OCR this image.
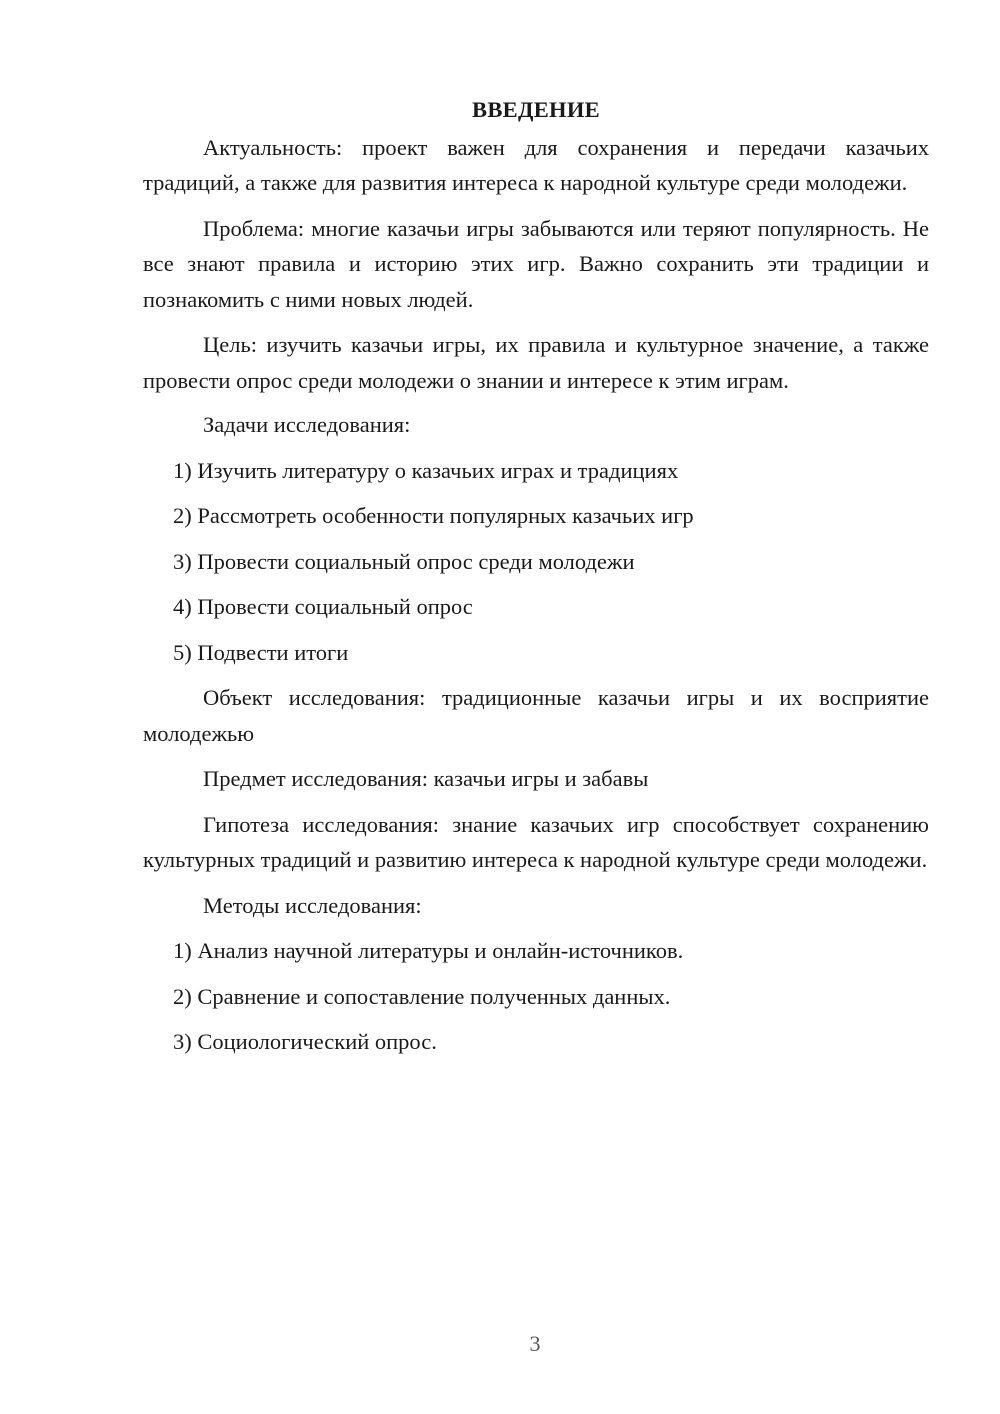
ВВЕДЕНИЕ

Актуальность: проект важен для сохранения и передачи казачьих традиций, а также для развития интереса к народной культуре среди молодежи.

Проблема: многие казачьи игры забываются или теряют популярность. Не все знают правила и историю этих игр. Важно сохранить эти традиции и познакомить с ними новых людей.

Цель: изучить казачьи игры, их правила и культурное значение, а также провести опрос среди молодежи о знании и интересе к этим играм.

Задачи исследования:

1) Изучить литературу о казачьих играх и традициях

2) Рассмотреть особенности популярных казачьих игр

3) Провести социальный опрос среди молодежи

4) Провести социальный опрос

5) Подвести итоги

Объект исследования: традиционные казачьи игры и их восприятие молодежью

Предмет исследования: казачьи игры и забавы

Гипотеза исследования: знание казачьих игр способствует сохранению культурных традиций и развитию интереса к народной культуре среди молодежи.

Методы исследования:

1) Анализ научной литературы и онлайн-источников.

2) Сравнение и сопоставление полученных данных.

3) Социологический опрос.

3
